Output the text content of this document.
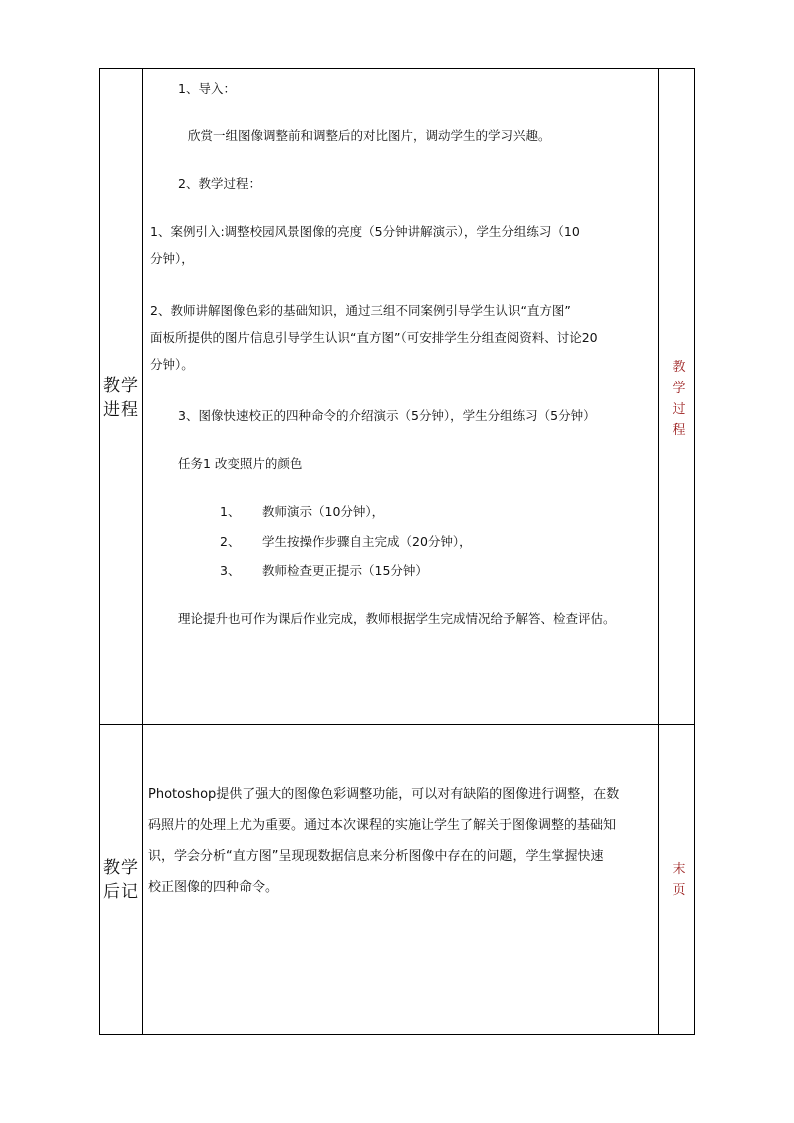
教学
进程
1、导入：
欣赏一组图像调整前和调整后的对比图片，调动学生的学习兴趣。
2、教学过程：
1、案例引入:调整校园风景图像的亮度（5分钟讲解演示），学生分组练习（10
分钟），
2、教师讲解图像色彩的基础知识，通过三组不同案例引导学生认识“直方图”
面板所提供的图片信息引导学生认识“直方图”（可安排学生分组查阅资料、讨论20
分钟）。
3、图像快速校正的四种命令的介绍演示（5分钟），学生分组练习（5分钟）
任务1 改变照片的颜色
1、 教师演示（10分钟），
2、 学生按操作步骤自主完成（20分钟），
3、 教师检查更正提示（15分钟）
理论提升也可作为课后作业完成，教师根据学生完成情况给予解答、检查评估。
教
学
过
程
教学
后记
Photoshop提供了强大的图像色彩调整功能，可以对有缺陷的图像进行调整，在数
码照片的处理上尤为重要。通过本次课程的实施让学生了解关于图像调整的基础知
识，学会分析“直方图”呈现现数据信息来分析图像中存在的问题，学生掌握快速
校正图像的四种命令。
末
页
